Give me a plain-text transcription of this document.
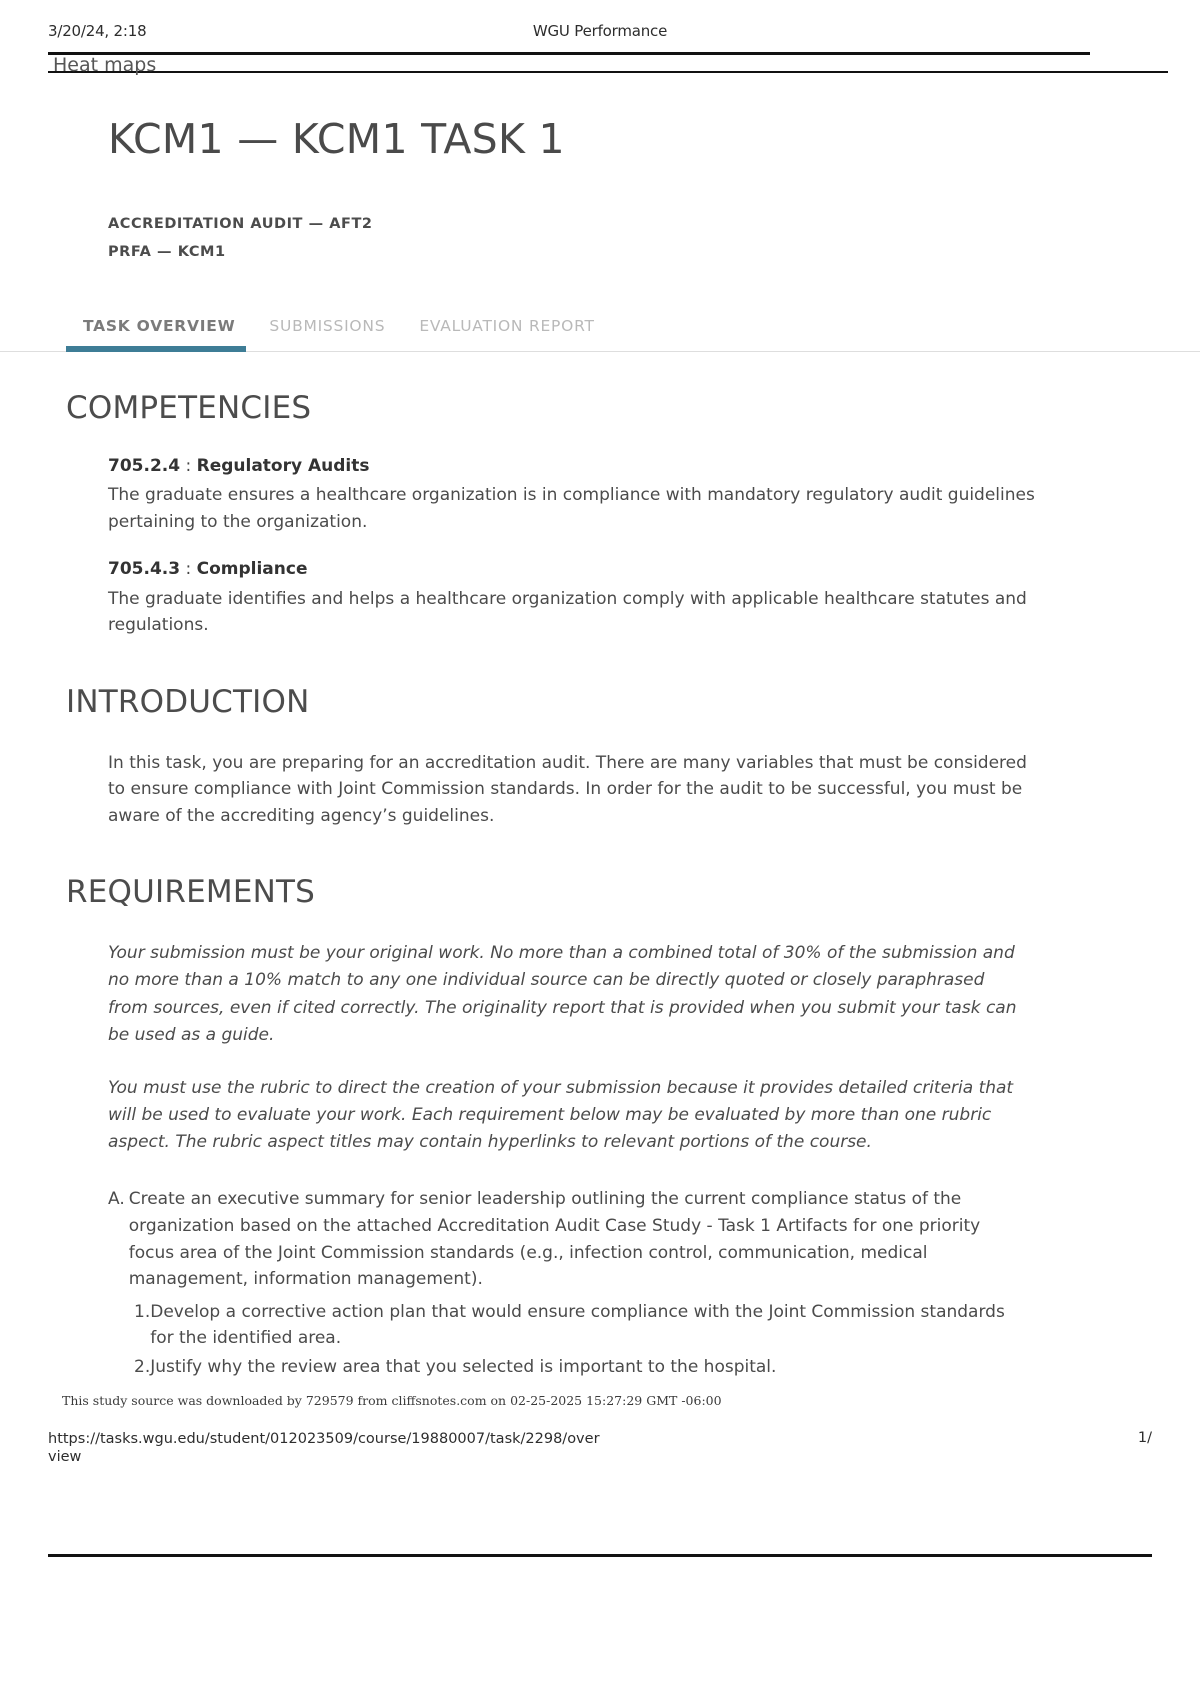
3/20/24, 2:18	WGU Performance
Heat maps
KCM1 — KCM1 TASK 1
ACCREDITATION AUDIT — AFT2
PRFA — KCM1
TASK OVERVIEW	SUBMISSIONS	EVALUATION REPORT
COMPETENCIES
705.2.4 : Regulatory Audits
The graduate ensures a healthcare organization is in compliance with mandatory regulatory audit guidelines pertaining to the organization.
705.4.3 : Compliance
The graduate identifies and helps a healthcare organization comply with applicable healthcare statutes and regulations.
INTRODUCTION
In this task, you are preparing for an accreditation audit. There are many variables that must be considered to ensure compliance with Joint Commission standards. In order for the audit to be successful, you must be aware of the accrediting agency’s guidelines.
REQUIREMENTS
Your submission must be your original work. No more than a combined total of 30% of the submission and no more than a 10% match to any one individual source can be directly quoted or closely paraphrased from sources, even if cited correctly. The originality report that is provided when you submit your task can be used as a guide.
You must use the rubric to direct the creation of your submission because it provides detailed criteria that will be used to evaluate your work. Each requirement below may be evaluated by more than one rubric aspect. The rubric aspect titles may contain hyperlinks to relevant portions of the course.
A. Create an executive summary for senior leadership outlining the current compliance status of the organization based on the attached Accreditation Audit Case Study - Task 1 Artifacts for one priority focus area of the Joint Commission standards (e.g., infection control, communication, medical management, information management).
1. Develop a corrective action plan that would ensure compliance with the Joint Commission standards for the identified area.
2. Justify why the review area that you selected is important to the hospital.
This study source was downloaded by 729579 from cliffsnotes.com on 02-25-2025 15:27:29 GMT -06:00
https://tasks.wgu.edu/student/012023509/course/19880007/task/2298/overview
1/
